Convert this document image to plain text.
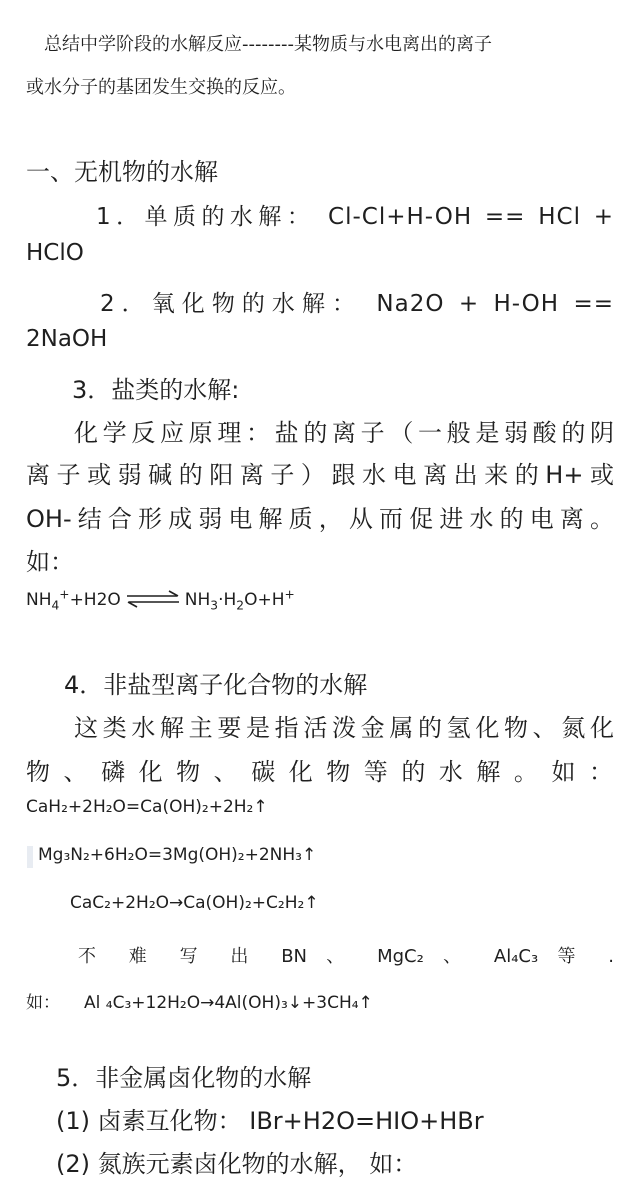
总结中学阶段的水解反应--------某物质与水电离出的离子

或水分子的基团发生交换的反应。

一、无机物的水解

1．单质的水解： Cl-Cl+H-OH == HCl +

HClO

2．氧化物的水解： Na2O + H-OH ==

2NaOH

3．盐类的水解:

化学反应原理：盐的离子（一般是弱酸的阴

离子或弱碱的阳离子）跟水电离出来的H+或

OH-结合形成弱电解质，从而促进水的电离。

如：

$NH_4^++H2O$ ⇌ $NH_3\cdot H_2O+H^+$

4．非盐型离子化合物的水解

这类水解主要是指活泼金属的氢化物、氮化

物、磷化物、碳化物等的水解。如：

CaH₂+2H₂O=Ca(OH)₂+2H₂↑

Mg₃N₂+6H₂O=3Mg(OH)₂+2NH₃↑

CaC₂+2H₂O→Ca(OH)₂+C₂H₂↑

不 难 写 出 BN 、 MgC₂ 、 Al₄C₃ 等 .

如： Al ₄C₃+12H₂O→4Al(OH)₃↓+3CH₄↑

5．非金属卤化物的水解

(1) 卤素互化物： IBr+H2O=HIO+HBr

(2) 氮族元素卤化物的水解， 如：
